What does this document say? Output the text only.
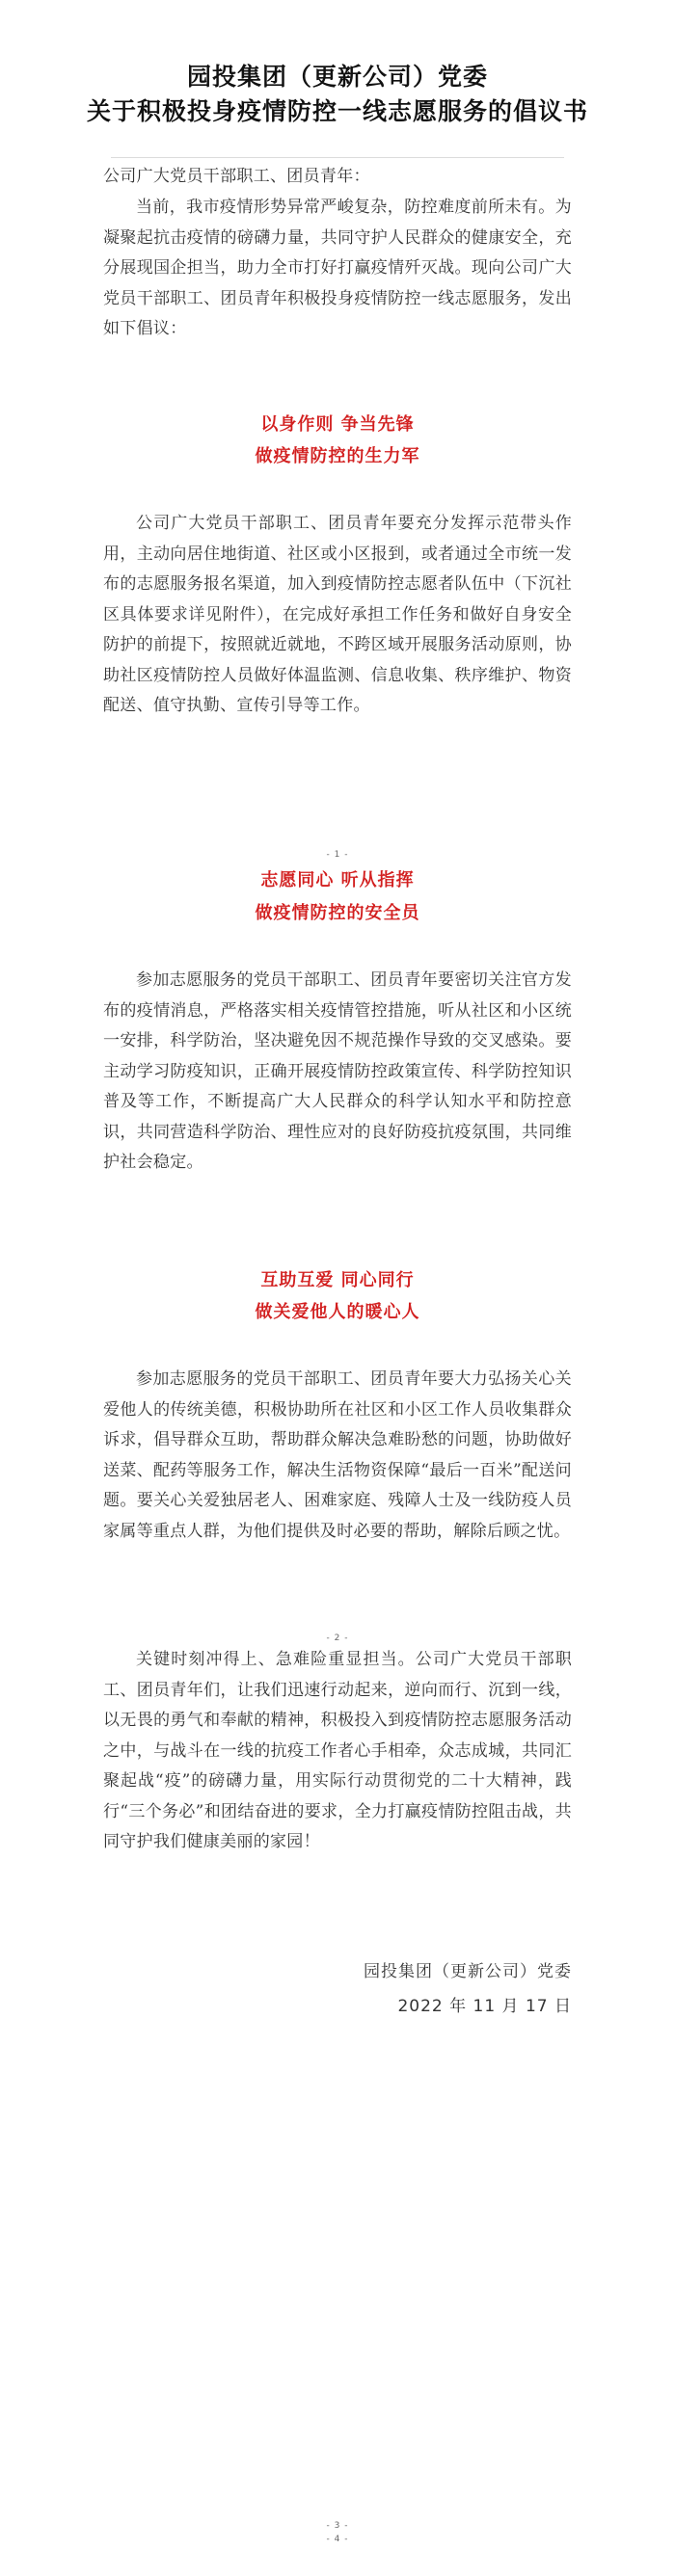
园投集团（更新公司）党委
关于积极投身疫情防控一线志愿服务的倡议书

公司广大党员干部职工、团员青年：

当前，我市疫情形势异常严峻复杂，防控难度前所未有。为凝聚起抗击疫情的磅礴力量，共同守护人民群众的健康安全，充分展现国企担当，助力全市打好打赢疫情歼灭战。现向公司广大党员干部职工、团员青年积极投身疫情防控一线志愿服务，发出如下倡议：

以身作则 争当先锋
做疫情防控的生力军

公司广大党员干部职工、团员青年要充分发挥示范带头作用，主动向居住地街道、社区或小区报到，或者通过全市统一发布的志愿服务报名渠道，加入到疫情防控志愿者队伍中（下沉社区具体要求详见附件），在完成好承担工作任务和做好自身安全防护的前提下，按照就近就地，不跨区域开展服务活动原则，协助社区疫情防控人员做好体温监测、信息收集、秩序维护、物资配送、值守执勤、宣传引导等工作。

- 1 -
志愿同心 听从指挥
做疫情防控的安全员

参加志愿服务的党员干部职工、团员青年要密切关注官方发布的疫情消息，严格落实相关疫情管控措施，听从社区和小区统一安排，科学防治，坚决避免因不规范操作导致的交叉感染。要主动学习防疫知识，正确开展疫情防控政策宣传、科学防控知识普及等工作，不断提高广大人民群众的科学认知水平和防控意识，共同营造科学防治、理性应对的良好防疫抗疫氛围，共同维护社会稳定。

互助互爱 同心同行
做关爱他人的暖心人

参加志愿服务的党员干部职工、团员青年要大力弘扬关心关爱他人的传统美德，积极协助所在社区和小区工作人员收集群众诉求，倡导群众互助，帮助群众解决急难盼愁的问题，协助做好送菜、配药等服务工作，解决生活物资保障“最后一百米”配送问题。要关心关爱独居老人、困难家庭、残障人士及一线防疫人员家属等重点人群，为他们提供及时必要的帮助，解除后顾之忧。

- 2 -

关键时刻冲得上、急难险重显担当。公司广大党员干部职工、团员青年们，让我们迅速行动起来，逆向而行、沉到一线，以无畏的勇气和奉献的精神，积极投入到疫情防控志愿服务活动之中，与战斗在一线的抗疫工作者心手相牵，众志成城，共同汇聚起战“疫”的磅礴力量，用实际行动贯彻党的二十大精神，践行“三个务必”和团结奋进的要求，全力打赢疫情防控阻击战，共同守护我们健康美丽的家园！

园投集团（更新公司）党委
2022 年 11 月 17 日
- 3 -
- 4 -
